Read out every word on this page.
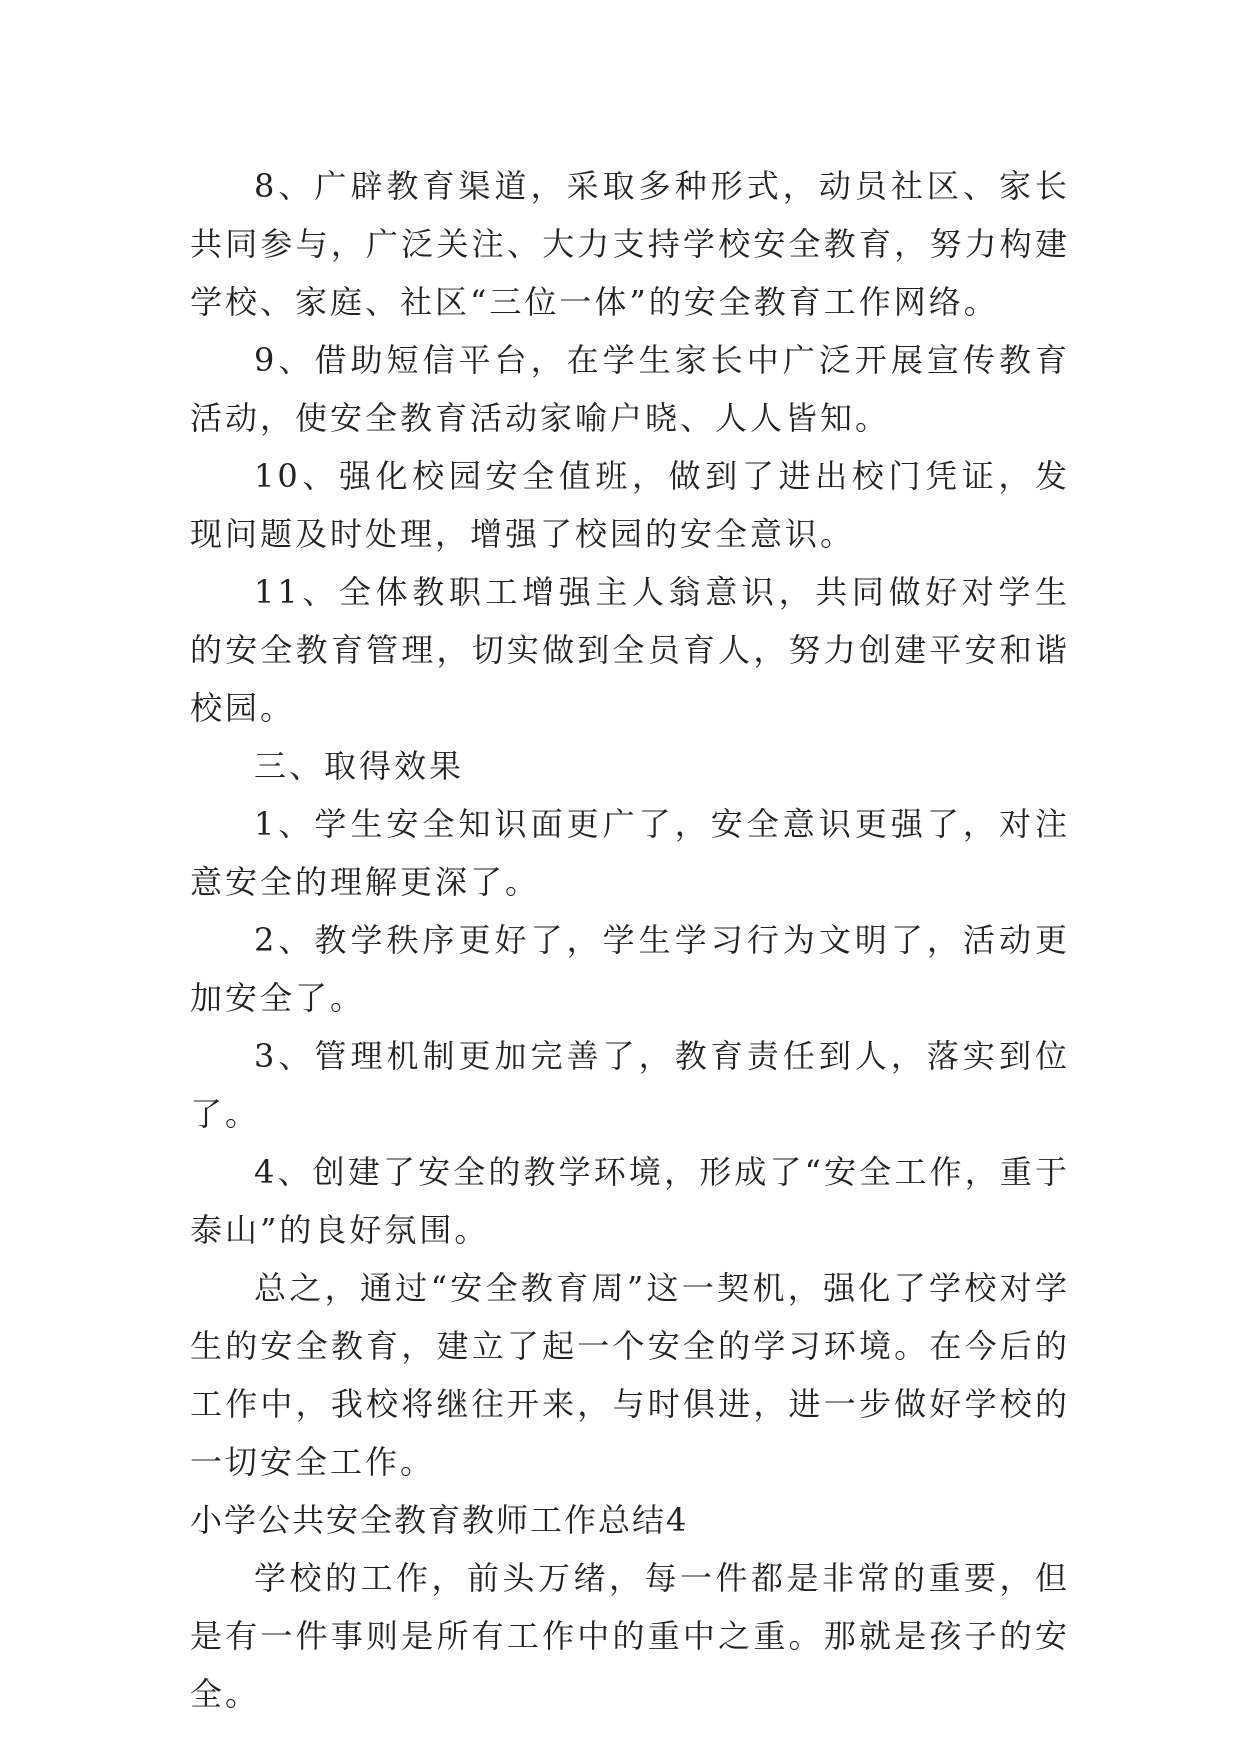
8、广辟教育渠道，采取多种形式，动员社区、家长共同参与，广泛关注、大力支持学校安全教育，努力构建学校、家庭、社区“三位一体”的安全教育工作网络。

9、借助短信平台，在学生家长中广泛开展宣传教育活动，使安全教育活动家喻户晓、人人皆知。

10、强化校园安全值班，做到了进出校门凭证，发现问题及时处理，增强了校园的安全意识。

11、全体教职工增强主人翁意识，共同做好对学生的安全教育管理，切实做到全员育人，努力创建平安和谐校园。

三、取得效果

1、学生安全知识面更广了，安全意识更强了，对注意安全的理解更深了。

2、教学秩序更好了，学生学习行为文明了，活动更加安全了。

3、管理机制更加完善了，教育责任到人，落实到位了。

4、创建了安全的教学环境，形成了“安全工作，重于泰山”的良好氛围。

总之，通过“安全教育周”这一契机，强化了学校对学生的安全教育，建立了起一个安全的学习环境。在今后的工作中，我校将继往开来，与时俱进，进一步做好学校的一切安全工作。

小学公共安全教育教师工作总结4

学校的工作，前头万绪，每一件都是非常的重要，但是有一件事则是所有工作中的重中之重。那就是孩子的安全。
